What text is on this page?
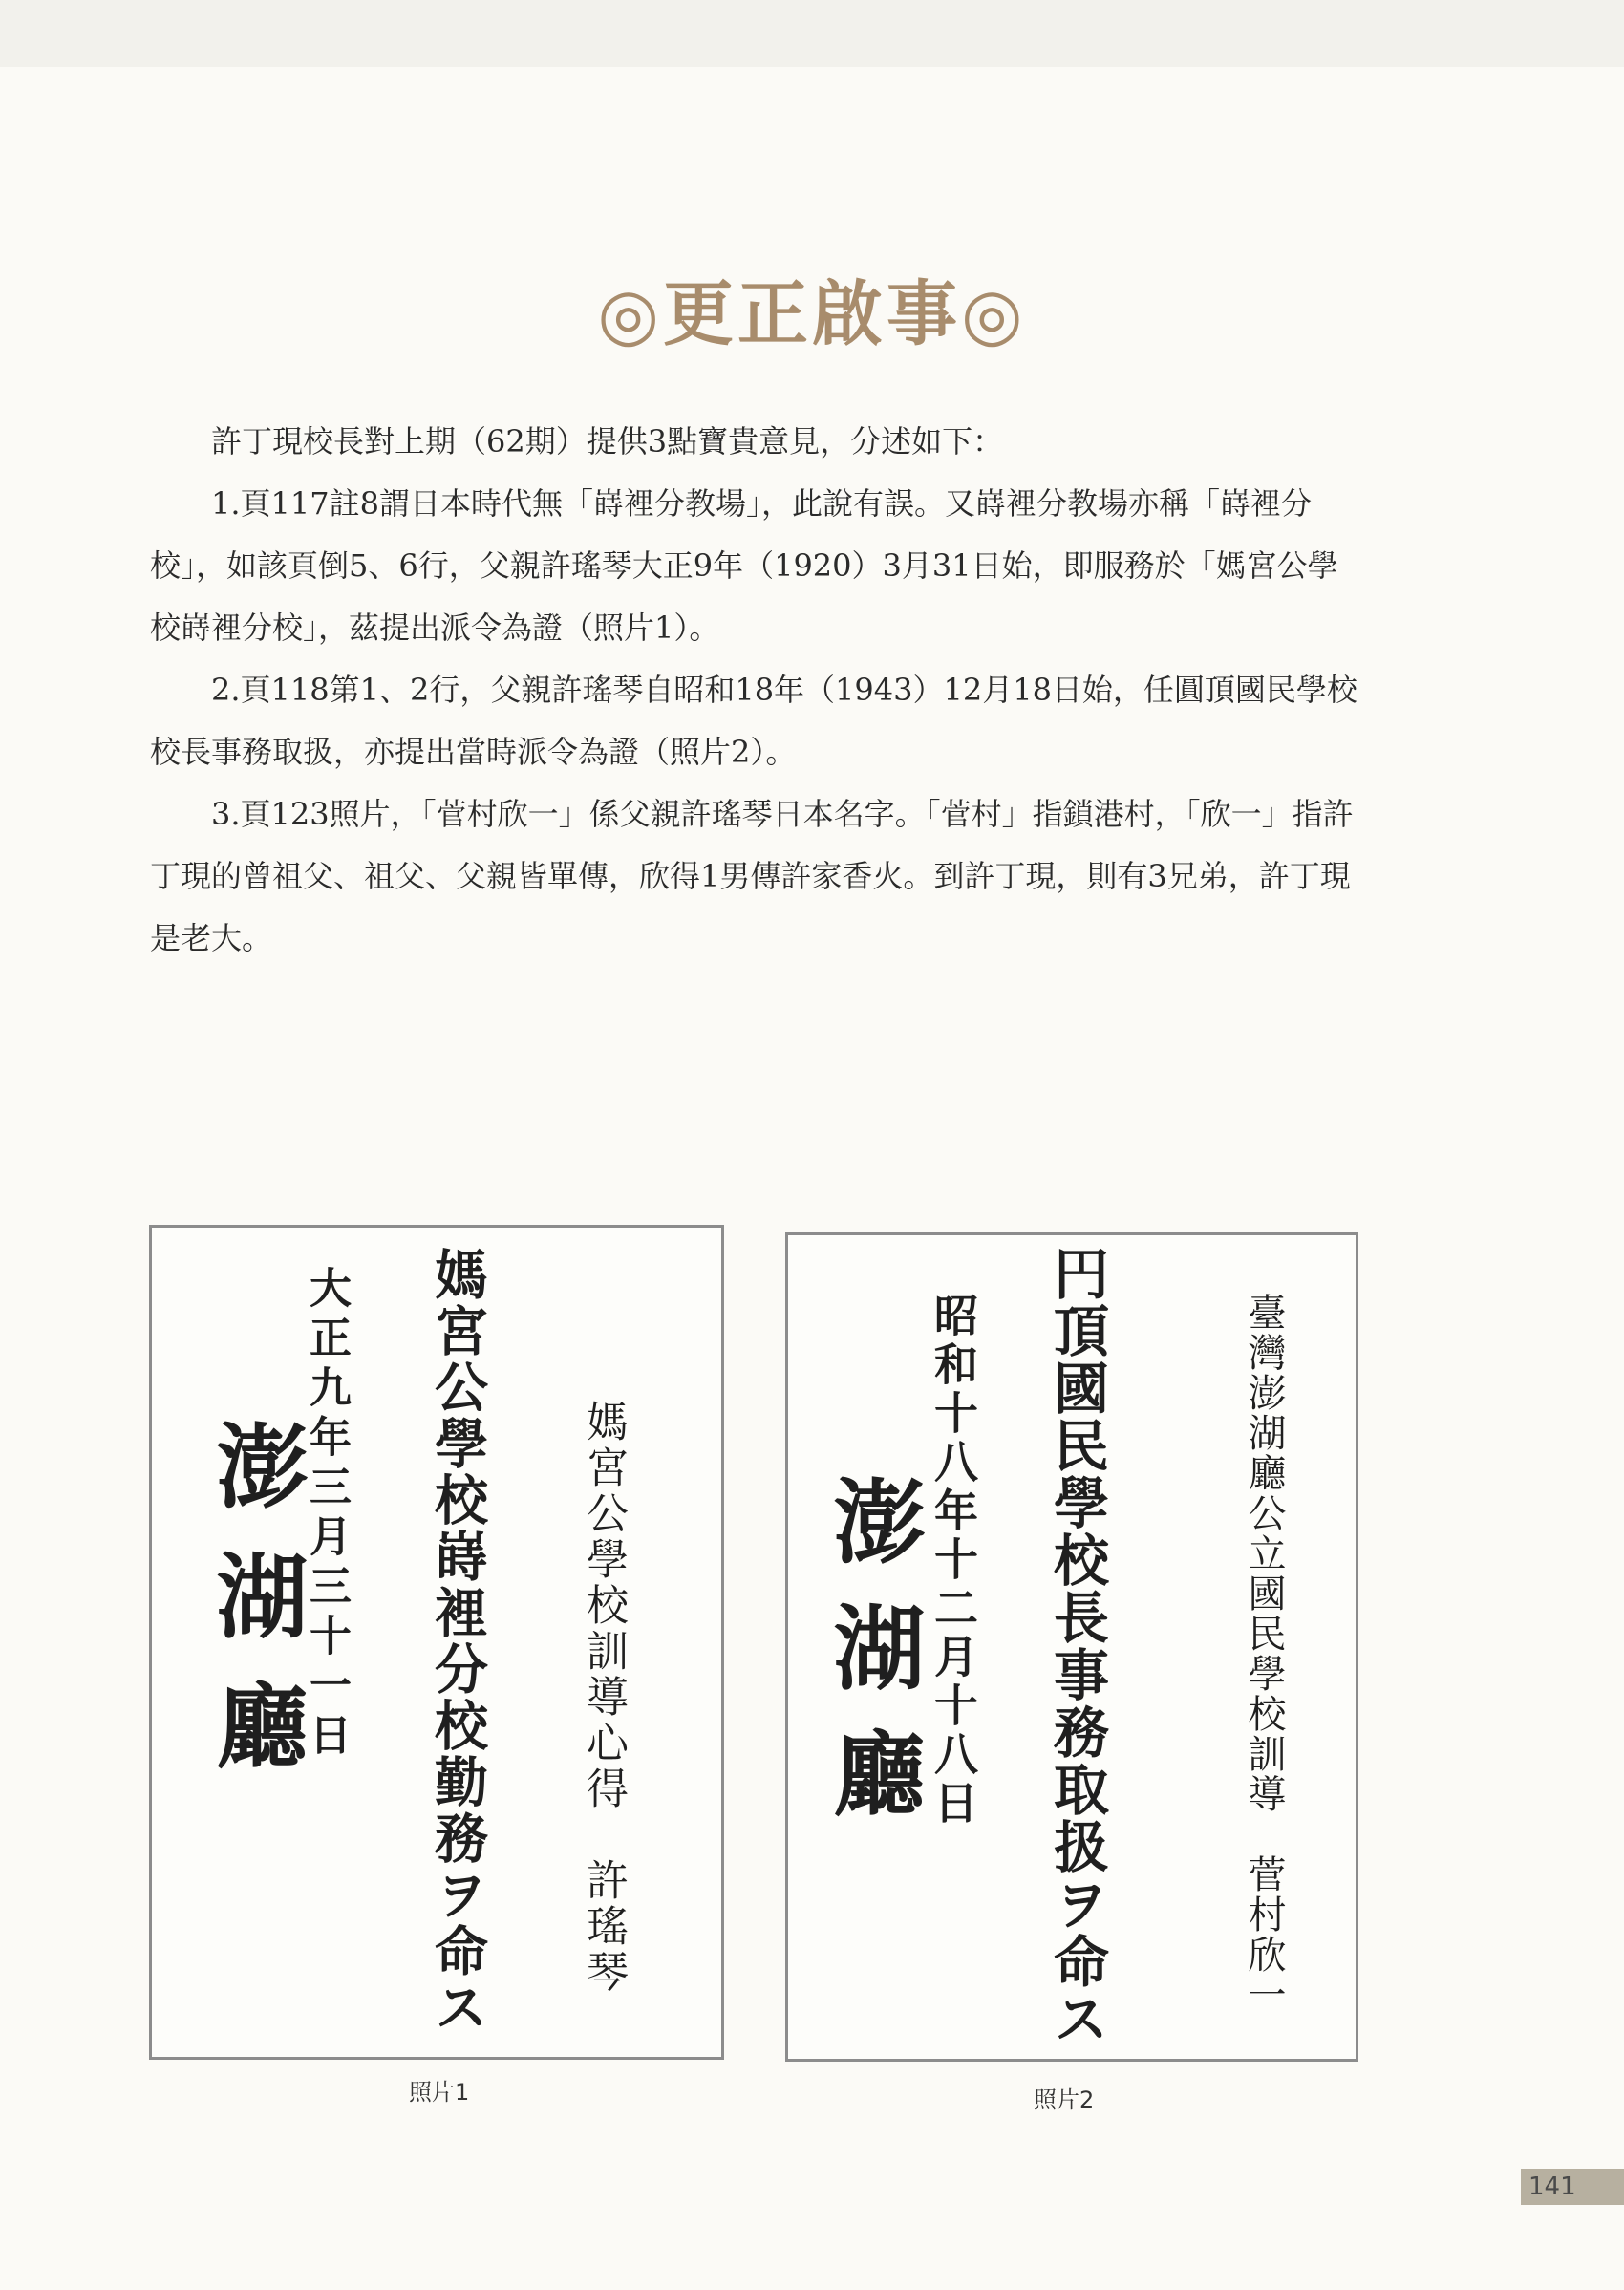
◎更正啟事◎

許丁現校長對上期（62期）提供3點寶貴意見，分述如下：

1.頁117註8謂日本時代無「嵵裡分教場」，此說有誤。又嵵裡分教場亦稱「嵵裡分校」，如該頁倒5、6行，父親許瑤琴大正9年（1920）3月31日始，即服務於「媽宮公學校嵵裡分校」，茲提出派令為證（照片1）。

2.頁118第1、2行，父親許瑤琴自昭和18年（1943）12月18日始，任圓頂國民學校校長事務取扱，亦提出當時派令為證（照片2）。

3.頁123照片，「菅村欣一」係父親許瑤琴日本名字。「菅村」指鎖港村，「欣一」指許丁現的曾祖父、祖父、父親皆單傳，欣得1男傳許家香火。到許丁現，則有3兄弟，許丁現是老大。

媽宮公學校訓導心得　許瑤琴
媽宮公學校嵵裡分校勤務ヲ命ス
大正九年三月三十一日
澎湖廳
照片1
臺灣澎湖廳公立國民學校訓導　菅村欣一
円頂國民學校長事務取扱ヲ命ス
昭和十八年十二月十八日
澎湖廳
照片2
141
